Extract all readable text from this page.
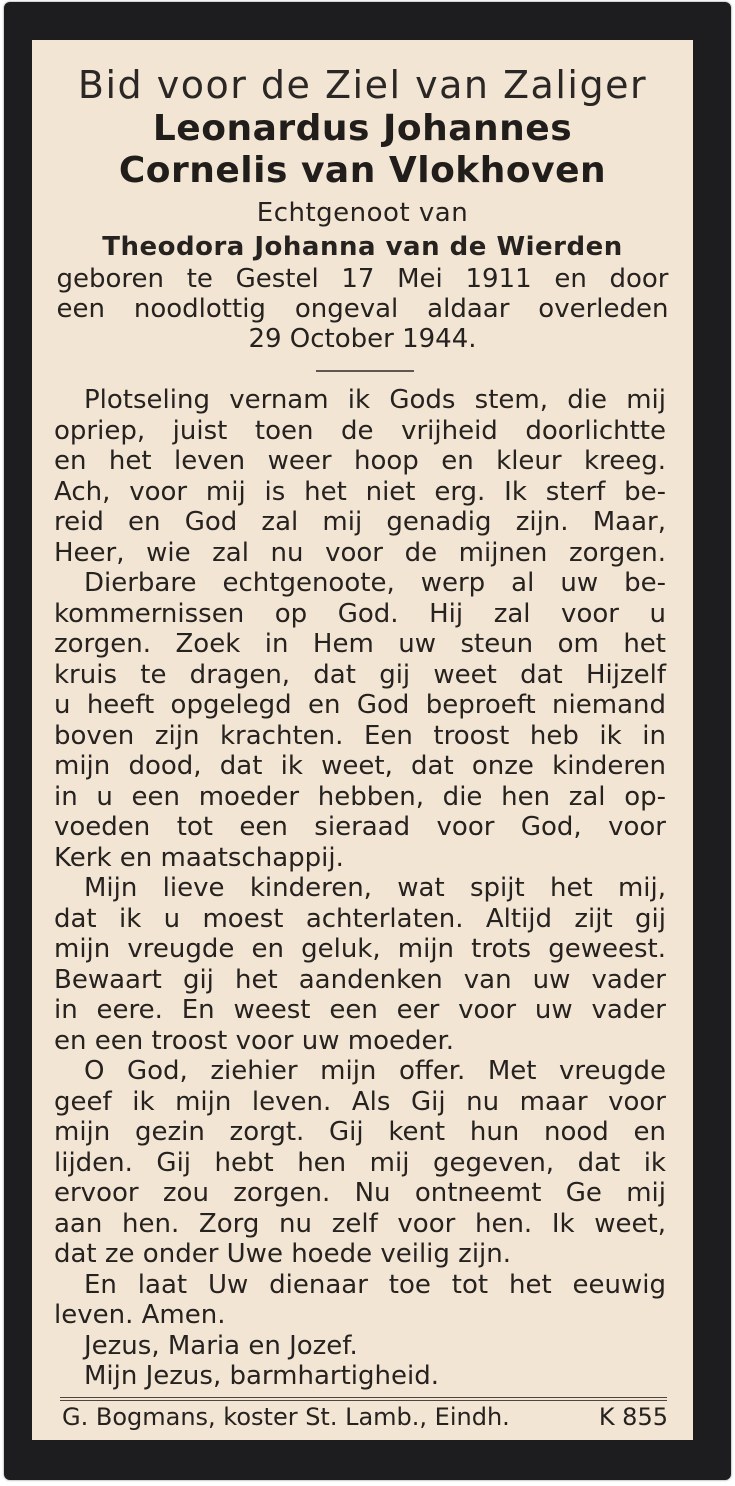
Bid voor de Ziel van Zaliger
Leonardus Johannes
Cornelis van Vlokhoven
Echtgenoot van
Theodora Johanna van de Wierden
geboren te Gestel 17 Mei 1911 en door
een noodlottig ongeval aldaar overleden
29 October 1944.
Plotseling vernam ik Gods stem, die mij
opriep, juist toen de vrijheid doorlichtte
en het leven weer hoop en kleur kreeg.
Ach, voor mij is het niet erg. Ik sterf be-
reid en God zal mij genadig zijn. Maar,
Heer, wie zal nu voor de mijnen zorgen.
Dierbare echtgenoote, werp al uw be-
kommernissen op God. Hij zal voor u
zorgen. Zoek in Hem uw steun om het
kruis te dragen, dat gij weet dat Hijzelf
u heeft opgelegd en God beproeft niemand
boven zijn krachten. Een troost heb ik in
mijn dood, dat ik weet, dat onze kinderen
in u een moeder hebben, die hen zal op-
voeden tot een sieraad voor God, voor
Kerk en maatschappij.
Mijn lieve kinderen, wat spijt het mij,
dat ik u moest achterlaten. Altijd zijt gij
mijn vreugde en geluk, mijn trots geweest.
Bewaart gij het aandenken van uw vader
in eere. En weest een eer voor uw vader
en een troost voor uw moeder.
O God, ziehier mijn offer. Met vreugde
geef ik mijn leven. Als Gij nu maar voor
mijn gezin zorgt. Gij kent hun nood en
lijden. Gij hebt hen mij gegeven, dat ik
ervoor zou zorgen. Nu ontneemt Ge mij
aan hen. Zorg nu zelf voor hen. Ik weet,
dat ze onder Uwe hoede veilig zijn.
En laat Uw dienaar toe tot het eeuwig
leven. Amen.
Jezus, Maria en Jozef.
Mijn Jezus, barmhartigheid.
G. Bogmans, koster St. Lamb., Eindh.	K 855
